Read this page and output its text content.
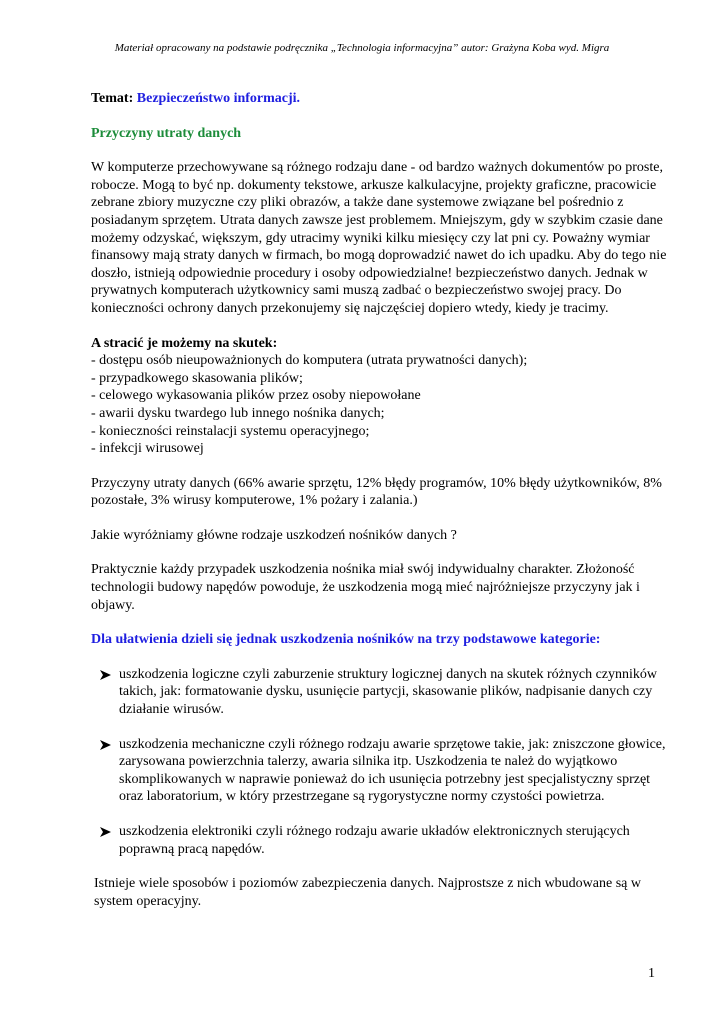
Materiał opracowany na podstawie podręcznika „Technologia informacyjna” autor: Grażyna Koba wyd. Migra

Temat: Bezpieczeństwo informacji.

Przyczyny utraty danych

W komputerze przechowywane są różnego rodzaju dane - od bardzo ważnych dokumentów po proste, robocze. Mogą to być np. dokumenty tekstowe, arkusze kalkulacyjne, projekty graficzne, pracowicie zebrane zbiory muzyczne czy pliki obrazów, a także dane systemowe związane bel pośrednio z posiadanym sprzętem. Utrata danych zawsze jest problemem. Mniejszym, gdy w szybkim czasie dane możemy odzyskać, większym, gdy utracimy wyniki kilku miesięcy czy lat pni cy. Poważny wymiar finansowy mają straty danych w firmach, bo mogą doprowadzić nawet do ich upadku. Aby do tego nie doszło, istnieją odpowiednie procedury i osoby odpowiedzialne! bezpieczeństwo danych. Jednak w prywatnych komputerach użytkownicy sami muszą zadbać o bezpieczeństwo swojej pracy. Do konieczności ochrony danych przekonujemy się najczęściej dopiero wtedy, kiedy je tracimy.

A stracić je możemy na skutek:

- dostępu osób nieupoważnionych do komputera (utrata prywatności danych);
- przypadkowego skasowania plików;
- celowego wykasowania plików przez osoby niepowołane
- awarii dysku twardego lub innego nośnika danych;
- konieczności reinstalacji systemu operacyjnego;
- infekcji wirusowej

Przyczyny utraty danych (66% awarie sprzętu, 12% błędy programów, 10% błędy użytkowników, 8% pozostałe, 3% wirusy komputerowe, 1% pożary i zalania.)

Jakie wyróżniamy główne rodzaje uszkodzeń nośników danych ?

Praktycznie każdy przypadek uszkodzenia nośnika miał swój indywidualny charakter. Złożoność technologii budowy napędów powoduje, że uszkodzenia mogą mieć najróżniejsze przyczyny jak i objawy.

Dla ułatwienia dzieli się jednak uszkodzenia nośników na trzy podstawowe kategorie:

uszkodzenia logiczne czyli zaburzenie struktury logicznej danych na skutek różnych czynników takich, jak: formatowanie dysku, usunięcie partycji, skasowanie plików, nadpisanie danych czy działanie wirusów.
uszkodzenia mechaniczne czyli różnego rodzaju awarie sprzętowe takie, jak: zniszczone głowice, zarysowana powierzchnia talerzy, awaria silnika itp. Uszkodzenia te należ do wyjątkowo skomplikowanych w naprawie ponieważ do ich usunięcia potrzebny jest specjalistyczny sprzęt oraz laboratorium, w który przestrzegane są rygorystyczne normy czystości powietrza.
uszkodzenia elektroniki czyli różnego rodzaju awarie układów elektronicznych sterujących poprawną pracą napędów.

Istnieje wiele sposobów i poziomów zabezpieczenia danych. Najprostsze z nich wbudowane są w system operacyjny.

1
